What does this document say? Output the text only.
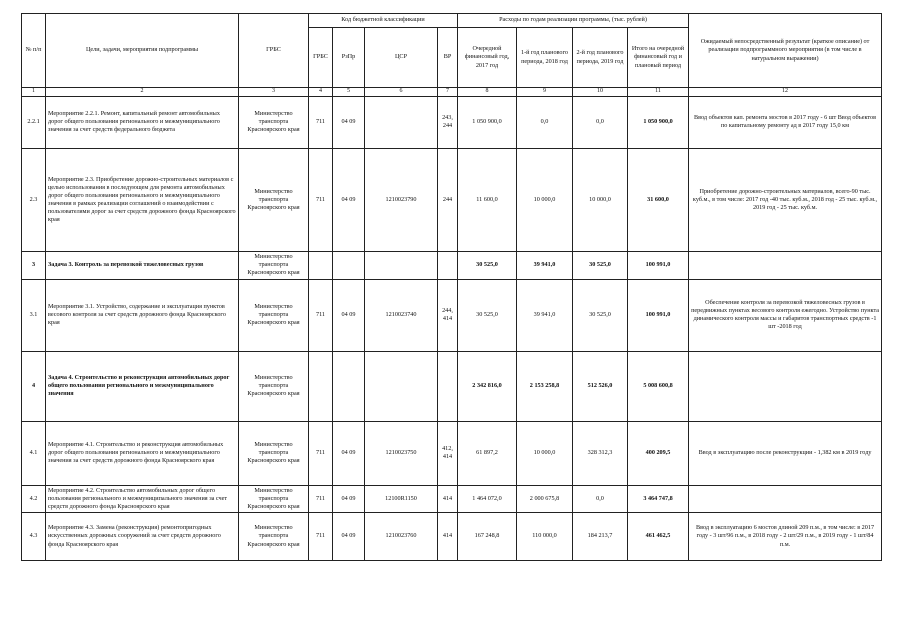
№ п/п	Цели, задачи, мероприятия подпрограммы	ГРБС	Код бюджетной классификации				Расходы по годам реализации программы, (тыс. рублей)				Ожидаемый непосредственный результат (краткое описание) от реализации подпрограммного мероприятия (в том числе в натуральном выражении)
			ГРБС	РзПр	ЦСР	ВР	Очередной финансовый год, 2017 год	1-й год планового периода, 2018 год	2-й год планового периода, 2019 год	Итого на очередной финансовый год и плановый период	
1	2	3	4	5	6	7	8	9	10	11	12
2.2.1	Мероприятие 2.2.1. Ремонт, капитальный ремонт автомобильных дорог общего пользования регионального и межмуниципального значения за счет средств федерального бюджета	Министерство транспорта Красноярского края	711	04 09		243, 244	1 050 900,0	0,0	0,0	1 050 900,0	Ввод объектов кап. ремонта мостов в 2017 году - 6 шт Ввод объектов по капитальному ремонту ад в 2017 году 15,0 км
2.3	Мероприятие 2.3. Приобретение дорожно-строительных материалов с целью использования в последующем для ремонта автомобильных дорог общего пользования регионального и межмуниципального значения в рамках реализации соглашений о взаимодействии с пользователями дорог за счет средств дорожного фонда Красноярского края	Министерство транспорта Красноярского края	711	04 09	1210023790	244	11 600,0	10 000,0	10 000,0	31 600,0	Приобретение дорожно-строительных материалов, всего-90 тыс. куб.м., в том числе: 2017 год -40 тыс. куб.м., 2018 год - 25 тыс. куб.м., 2019 год - 25 тыс. куб.м.
3	Задача 3. Контроль за перевозкой тяжеловесных грузов	Министерство транспорта Красноярского края					30 525,0	39 941,0	30 525,0	100 991,0	
3.1	Мероприятие 3.1. Устройство, содержание и эксплуатация пунктов весового контроля за счет средств дорожного фонда Красноярского края	Министерство транспорта Красноярского края	711	04 09	1210023740	244, 414	30 525,0	39 941,0	30 525,0	100 991,0	Обеспечение контроля за перевозкой тяжеловесных грузов в передвижных пунктах весового контроля ежегодно. Устройство пункта динамического контроля массы и габаритов транспортных средств -1 шт -2018 год
4	Задача 4. Строительство и реконструкция автомобильных дорог общего пользования регионального и межмуниципального значения	Министерство транспорта Красноярского края					2 342 816,0	2 153 258,8	512 526,0	5 008 600,8	
4.1	Мероприятие 4.1. Строительство и реконструкция автомобильных дорог общего пользования регионального и межмуниципального значения за счет средств дорожного фонда Красноярского края	Министерство транспорта Красноярского края	711	04 09	1210023750	412, 414	61 897,2	10 000,0	328 312,3	400 209,5	Ввод в эксплуатацию после реконструкции - 1,382 км в 2019 году
4.2	Мероприятие 4.2. Строительство автомобильных дорог общего пользования регионального и межмуниципального значения за счет средств дорожного фонда Красноярского края	Министерство транспорта Красноярского края	711	04 09	12100R1150	414	1 464 072,0	2 000 675,8	0,0	3 464 747,8	
4.3	Мероприятие 4.3. Замена (реконструкция) ремонтопригодных искусственных дорожных сооружений за счет средств дорожного фонда Красноярского края	Министерство транспорта Красноярского края	711	04 09	1210023760	414	167 248,8	110 000,0	184 213,7	461 462,5	Ввод в эксплуатацию 6 мостов длиной 209 п.м., в том числе: в 2017 году - 3 шт/96 п.м., в 2018 году - 2 шт/29 п.м., в 2019 году - 1 шт/84 п.м.
